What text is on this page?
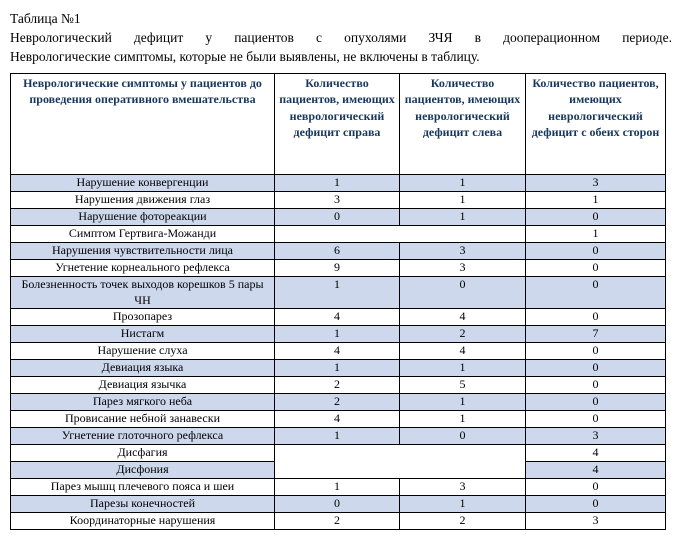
Таблица №1
Неврологический дефицит у пациентов с опухолями ЗЧЯ в дооперационном периоде.
Неврологические симптомы, которые не были выявлены, не включены в таблицу.
Неврологические симптомы у пациентов до проведения оперативного вмешательства	Количество пациентов, имеющих неврологический дефицит справа	Количество пациентов, имеющих неврологический дефицит слева	Количество пациентов, имеющих неврологический дефицит с обеих сторон
Нарушение конвергенции	1	1	3
Нарушения движения глаз	3	1	1
Нарушение фотореакции	0	1	0
Симптом Гертвига-Можанди			1
Нарушения чувствительности лица	6	3	0
Угнетение корнеального рефлекса	9	3	0
Болезненность точек выходов корешков 5 пары ЧН	1	0	0
Прозопарез	4	4	0
Нистагм	1	2	7
Нарушение слуха	4	4	0
Девиация языка	1	1	0
Девиация язычка	2	5	0
Парез мягкого неба	2	1	0
Провисание небной занавески	4	1	0
Угнетение глоточного рефлекса	1	0	3
Дисфагия			4
Дисфония			4
Парез мышц плечевого пояса и шеи	1	3	0
Парезы конечностей	0	1	0
Координаторные нарушения	2	2	3
